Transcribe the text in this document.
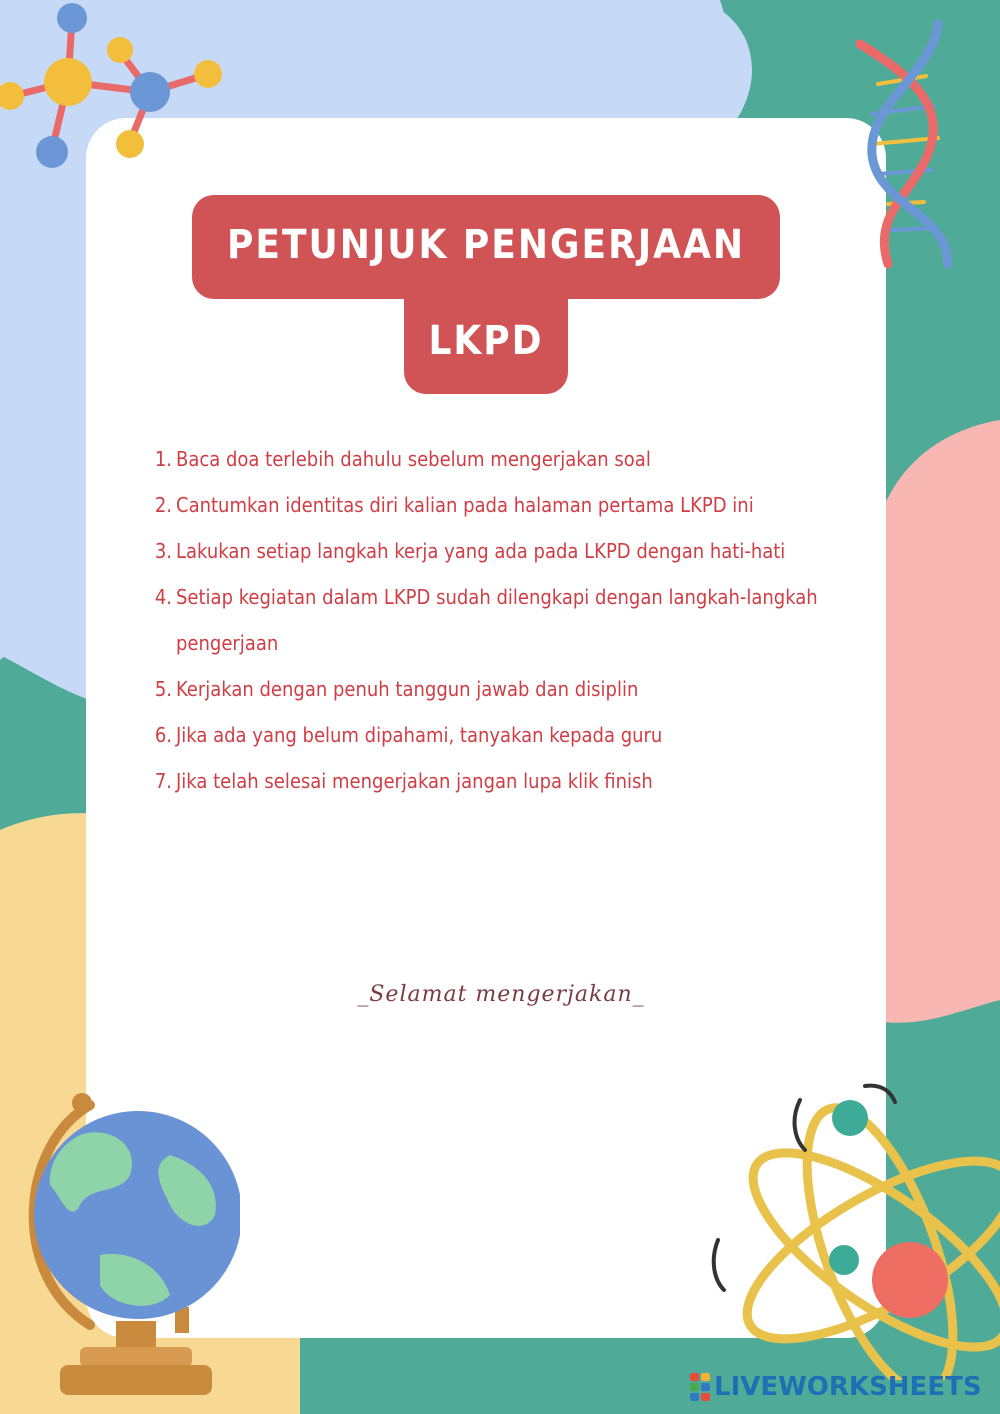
PETUNJUK PENGERJAAN
LKPD
1. Baca doa terlebih dahulu sebelum mengerjakan soal
2. Cantumkan identitas diri kalian pada halaman pertama LKPD ini
3. Lakukan setiap langkah kerja yang ada pada LKPD dengan hati-hati
4. Setiap kegiatan dalam LKPD sudah dilengkapi dengan langkah-langkah pengerjaan
5. Kerjakan dengan penuh tanggun jawab dan disiplin
6. Jika ada yang belum dipahami, tanyakan kepada guru
7. Jika telah selesai mengerjakan jangan lupa klik finish
_Selamat mengerjakan_
LIVEWORKSHEETS
